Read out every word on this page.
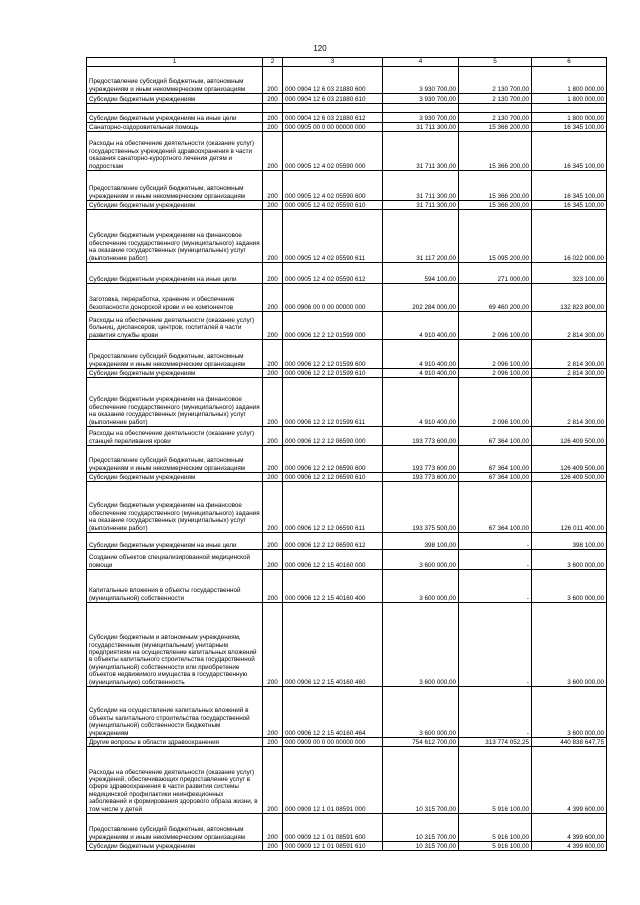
120
1	2	3	4	5	6
Предоставление субсидий бюджетным, автономным учреждениям и иным некоммерческим организациям	200	000 0904 12 6 03 21880 600	3 930 700,00	2 130 700,00	1 800 000,00
Субсидии бюджетным учреждениям	200	000 0904 12 6 03 21880 610	3 930 700,00	2 130 700,00	1 800 000,00

Субсидии бюджетным учреждениям на иные цели	200	000 0904 12 6 03 21880 612	3 930 700,00	2 130 700,00	1 800 000,00
Санаторно-оздоровительная помощь	200	000 0905 00 0 00 00000 000	31 711 300,00	15 366 200,00	16 345 100,00
Расходы на обеспечение деятельности (оказание услуг) государственных учреждений здравоохранения в части оказания санаторно-курортного лечения детям и подросткам	200	000 0905 12 4 02 05590 000	31 711 300,00	15 366 200,00	16 345 100,00
Предоставление субсидий бюджетным, автономным учреждениям и иным некоммерческим организациям	200	000 0905 12 4 02 05590 600	31 711 300,00	15 366 200,00	16 345 100,00
Субсидии бюджетным учреждениям	200	000 0905 12 4 02 05590 610	31 711 300,00	15 366 200,00	16 345 100,00
Субсидии бюджетным учреждениям на финансовое обеспечение государственного (муниципального) задания на оказание государственных (муниципальных) услуг (выполнение работ)	200	000 0905 12 4 02 05590 611	31 117 200,00	15 095 200,00	16 022 000,00
Субсидии бюджетным учреждениям на иные цели	200	000 0905 12 4 02 05590 612	594 100,00	271 000,00	323 100,00
Заготовка, переработка, хранение и обеспечение безопасности донорской крови и ее компонентов	200	000 0906 00 0 00 00000 000	202 284 000,00	69 460 200,00	132 823 800,00
Расходы на обеспечение деятельности (оказание услуг) больниц, диспансеров, центров, госпиталей в части развития службы крови	200	000 0906 12 2 12 01599 000	4 910 400,00	2 096 100,00	2 814 300,00
Предоставление субсидий бюджетным, автономным учреждениям и иным некоммерческим организациям	200	000 0906 12 2 12 01599 600	4 910 400,00	2 096 100,00	2 814 300,00
Субсидии бюджетным учреждениям	200	000 0906 12 2 12 01599 610	4 910 400,00	2 096 100,00	2 814 300,00
Субсидии бюджетным учреждениям на финансовое обеспечение государственного (муниципального) задания на оказание государственных (муниципальных) услуг (выполнение работ)	200	000 0906 12 2 12 01599 611	4 910 400,00	2 096 100,00	2 814 300,00
Расходы на обеспечение деятельности (оказание услуг) станций переливания крови	200	000 0906 12 2 12 06590 000	193 773 600,00	67 364 100,00	126 409 500,00
Предоставление субсидий бюджетным, автономным учреждениям и иным некоммерческим организациям	200	000 0906 12 2 12 06590 600	193 773 600,00	67 364 100,00	126 409 500,00
Субсидии бюджетным учреждениям	200	000 0906 12 2 12 06590 610	193 773 600,00	67 364 100,00	126 409 500,00
Субсидии бюджетным учреждениям на финансовое обеспечение государственного (муниципального) задания на оказание государственных (муниципальных) услуг (выполнение работ)	200	000 0906 12 2 12 06590 611	193 375 500,00	67 364 100,00	126 011 400,00
Субсидии бюджетным учреждениям на иные цели	200	000 0906 12 2 12 06590 612	398 100,00	-	398 100,00
Создание объектов специализированной медицинской помощи	200	000 0906 12 2 15 40160 000	3 600 000,00	-	3 600 000,00
Капитальные вложения в объекты государственной (муниципальной) собственности	200	000 0906 12 2 15 40160 400	3 600 000,00	-	3 600 000,00
Субсидии бюджетным и автономным учреждениям, государственным (муниципальным) унитарным предприятиям на осуществление капитальных вложений в объекты капитального строительства государственной (муниципальной) собственности или приобретение объектов недвижимого имущества в государственную (муниципальную) собственность	200	000 0906 12 2 15 40160 460	3 600 000,00	-	3 600 000,00
Субсидии на осуществление капитальных вложений в объекты капитального строительства государственной (муниципальной) собственности бюджетным учреждениям	200	000 0906 12 2 15 40160 464	3 600 000,00	-	3 600 000,00
Другие вопросы в области здравоохранения	200	000 0909 00 0 00 00000 000	754 612 700,00	313 774 052,25	440 838 647,75
Расходы на обеспечение деятельности (оказание услуг) учреждений, обеспечивающих предоставление услуг в сфере здравоохранения в части развития системы медицинской профилактики неинфекционных заболеваний и формирования здорового образа жизни, в том числе у детей	200	000 0909 12 1 01 08591 000	10 315 700,00	5 916 100,00	4 399 600,00
Предоставление субсидий бюджетным, автономным учреждениям и иным некоммерческим организациям	200	000 0909 12 1 01 08591 600	10 315 700,00	5 916 100,00	4 399 600,00
Субсидии бюджетным учреждениям	200	000 0909 12 1 01 08591 610	10 315 700,00	5 916 100,00	4 399 600,00
